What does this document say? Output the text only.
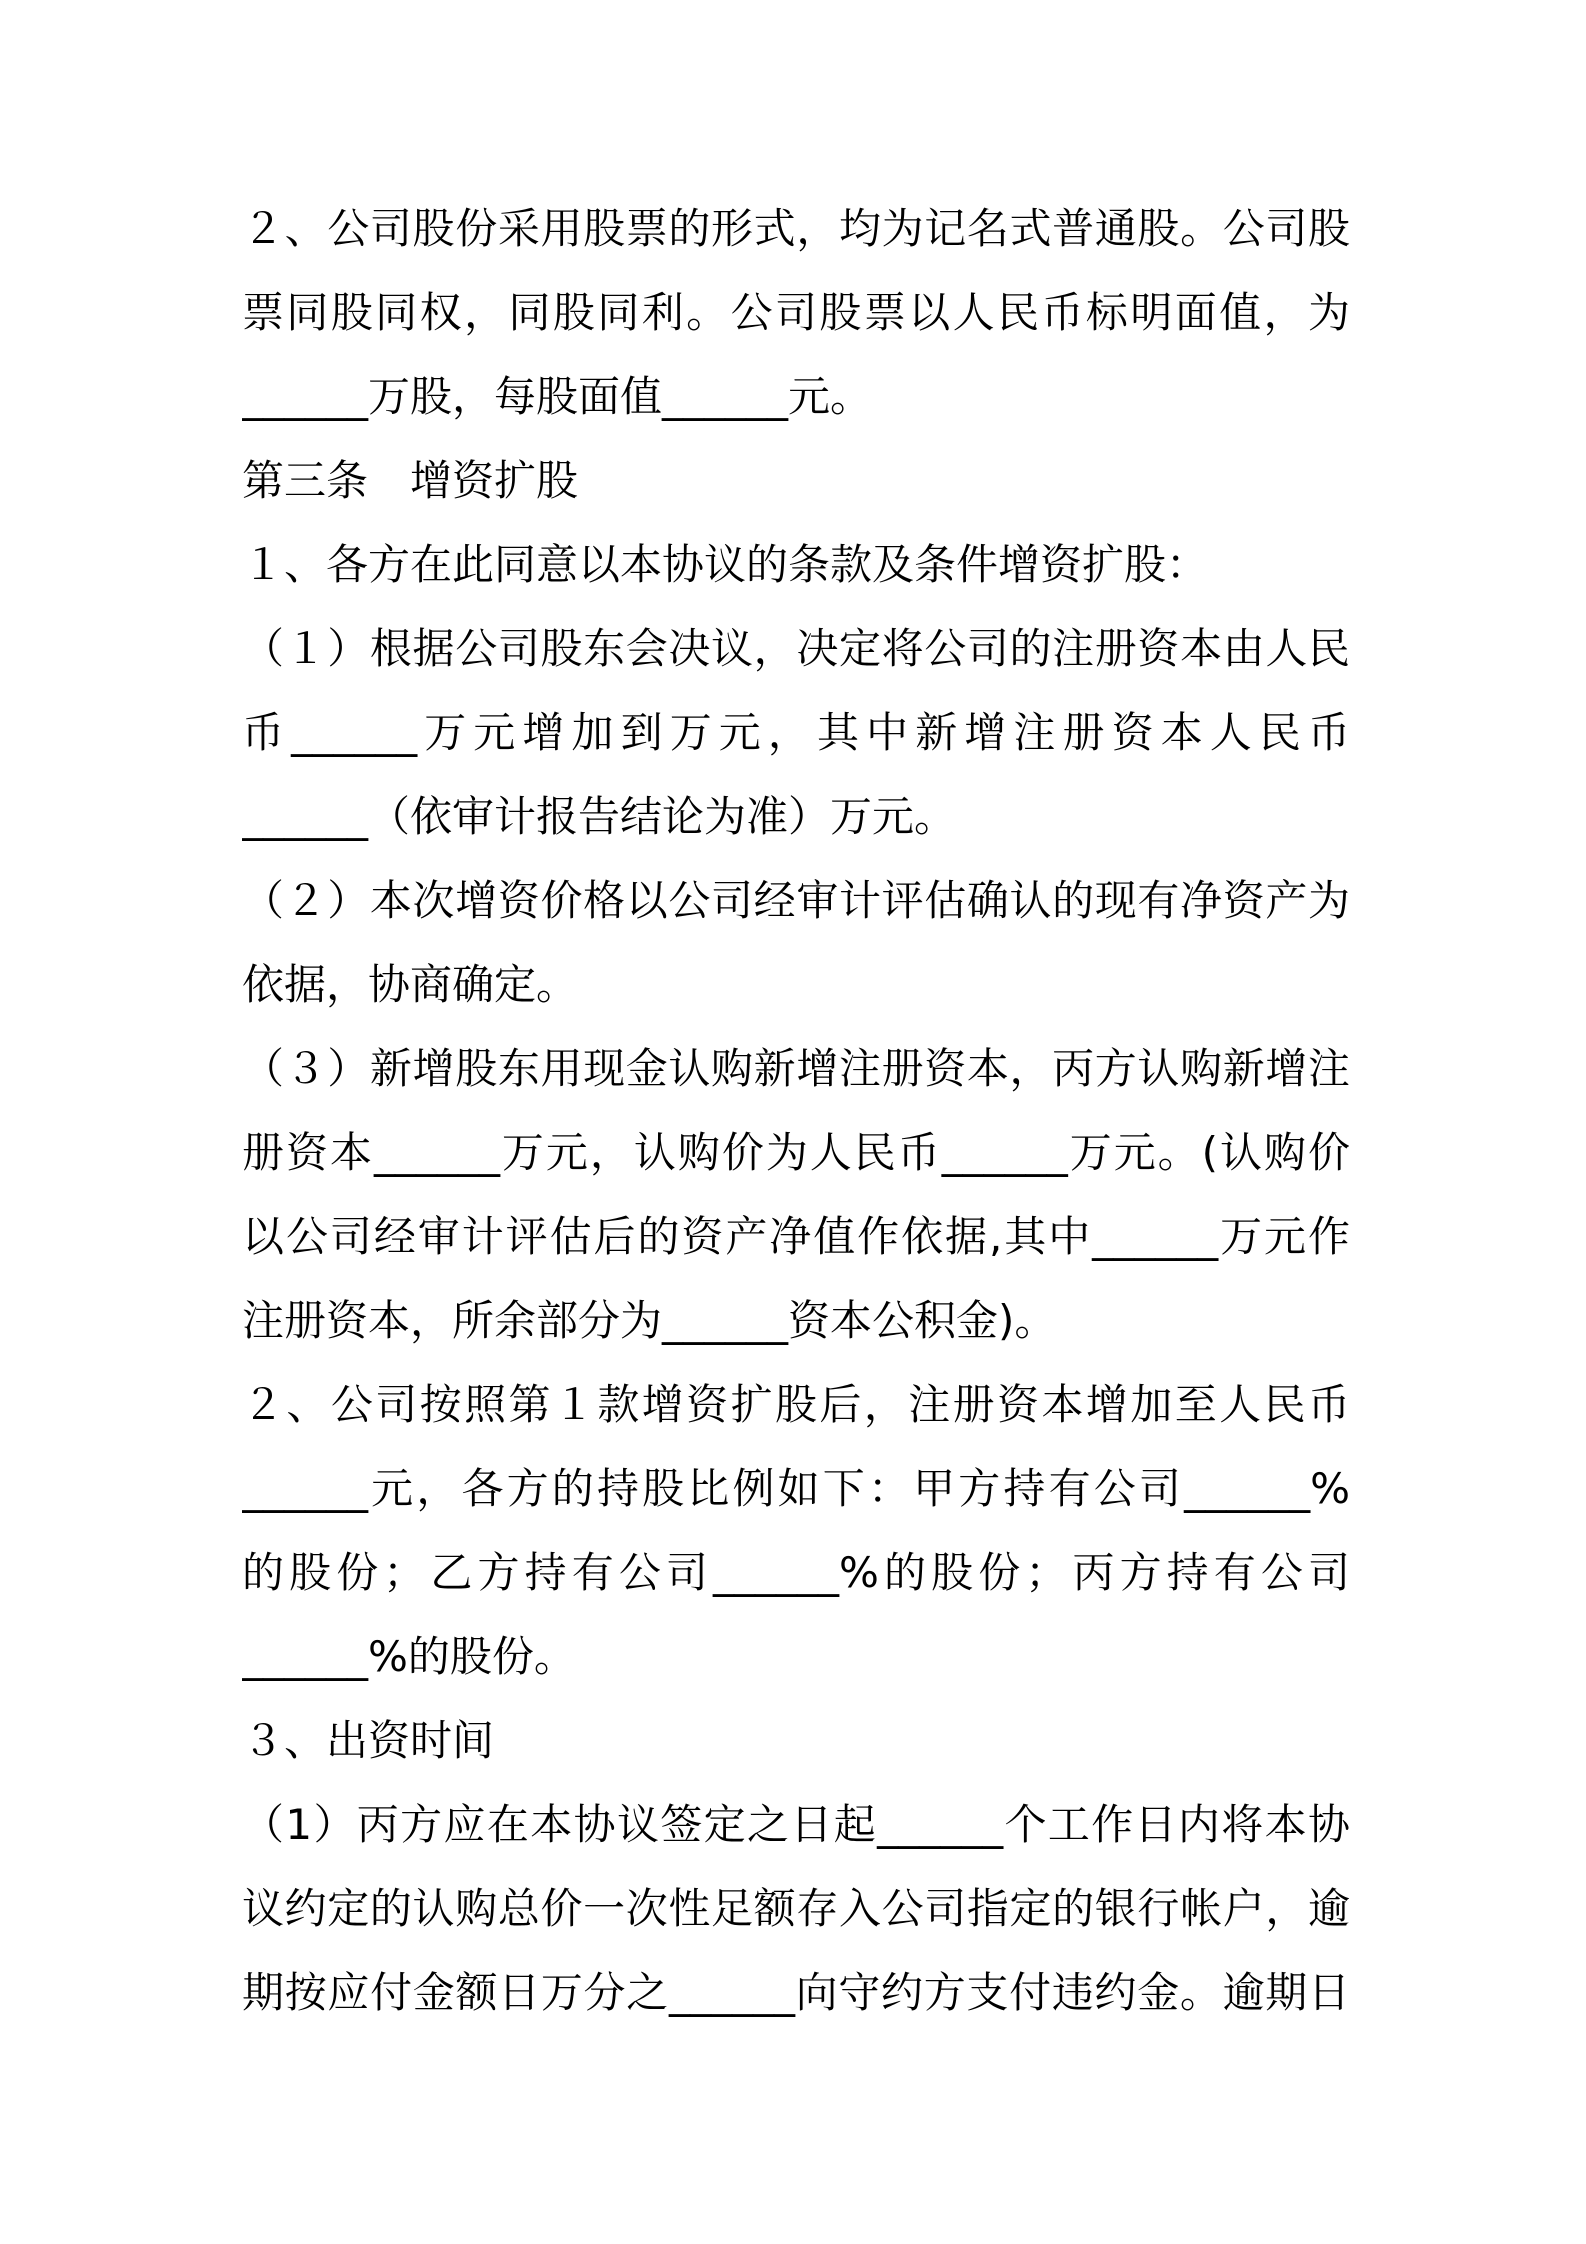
２、公司股份采用股票的形式，均为记名式普通股。公司股
票同股同权，同股同利。公司股票以人民币标明面值，为
______万股，每股面值______元。
第三条　增资扩股
１、各方在此同意以本协议的条款及条件增资扩股：
（１）根据公司股东会决议，决定将公司的注册资本由人民
币______万元增加到万元，其中新增注册资本人民币
______（依审计报告结论为准）万元。
（２）本次增资价格以公司经审计评估确认的现有净资产为
依据，协商确定。
（３）新增股东用现金认购新增注册资本，丙方认购新增注
册资本______万元，认购价为人民币______万元。(认购价
以公司经审计评估后的资产净值作依据,其中______万元作
注册资本，所余部分为______资本公积金)。
２、公司按照第１款增资扩股后，注册资本增加至人民币
______元，各方的持股比例如下：甲方持有公司______%
的股份；乙方持有公司______%的股份；丙方持有公司
______%的股份。
３、出资时间
（1）丙方应在本协议签定之日起______个工作日内将本协
议约定的认购总价一次性足额存入公司指定的银行帐户，逾
期按应付金额日万分之______向守约方支付违约金。逾期日
